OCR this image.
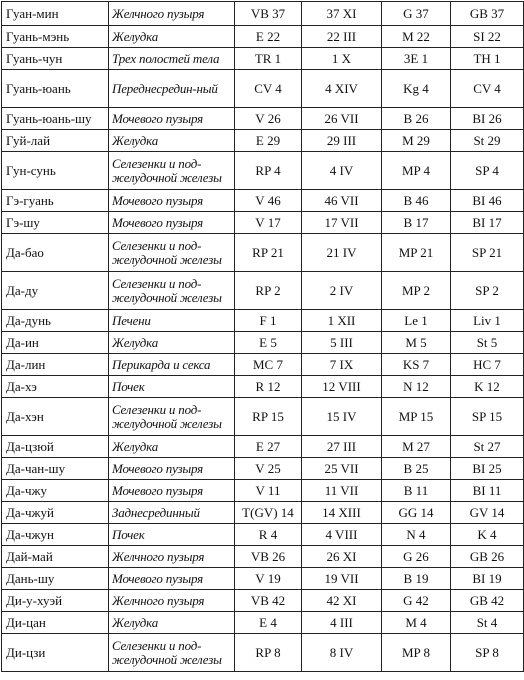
Гуан-мин	Желчного пузыря	VB 37	37 XI	G 37	GB 37
Гуань-мэнь	Желудка	E 22	22 III	M 22	SI 22
Гуань-чун	Трех полостей тела	TR 1	1 X	3E 1	TH 1
Гуань-юань	Переднесредин-ный	CV 4	4 XIV	Kg 4	CV 4
Гуань-юань-шу	Мочевого пузыря	V 26	26 VII	B 26	BI 26
Гуй-лай	Желудка	E 29	29 III	M 29	St 29
Гун-сунь	Селезенки и под-желудочной железы	RP 4	4 IV	MP 4	SP 4
Гэ-гуань	Мочевого пузыря	V 46	46 VII	B 46	BI 46
Гэ-шу	Мочевого пузыря	V 17	17 VII	B 17	BI 17
Да-бао	Селезенки и под-желудочной железы	RP 21	21 IV	MP 21	SP 21
Да-ду	Селезенки и под-желудочной железы	RP 2	2 IV	MP 2	SP 2
Да-дунь	Печени	F 1	1 XII	Le 1	Liv 1
Да-ин	Желудка	E 5	5 III	M 5	St 5
Да-лин	Перикарда и секса	MC 7	7 IX	KS 7	HC 7
Да-хэ	Почек	R 12	12 VIII	N 12	K 12
Да-хэн	Селезенки и под-желудочной железы	RP 15	15 IV	MP 15	SP 15
Да-цзюй	Желудка	E 27	27 III	M 27	St 27
Да-чан-шу	Мочевого пузыря	V 25	25 VII	B 25	BI 25
Да-чжу	Мочевого пузыря	V 11	11 VII	B 11	BI 11
Да-чжуй	Заднесрединный	T(GV) 14	14 XIII	GG 14	GV 14
Да-чжун	Почек	R 4	4 VIII	N 4	K 4
Дай-май	Желчного пузыря	VB 26	26 XI	G 26	GB 26
Дань-шу	Мочевого пузыря	V 19	19 VII	B 19	BI 19
Ди-у-хуэй	Желчного пузыря	VB 42	42 XI	G 42	GB 42
Ди-цан	Желудка	E 4	4 III	M 4	St 4
Ди-цзи	Селезенки и под-желудочной железы	RP 8	8 IV	MP 8	SP 8
